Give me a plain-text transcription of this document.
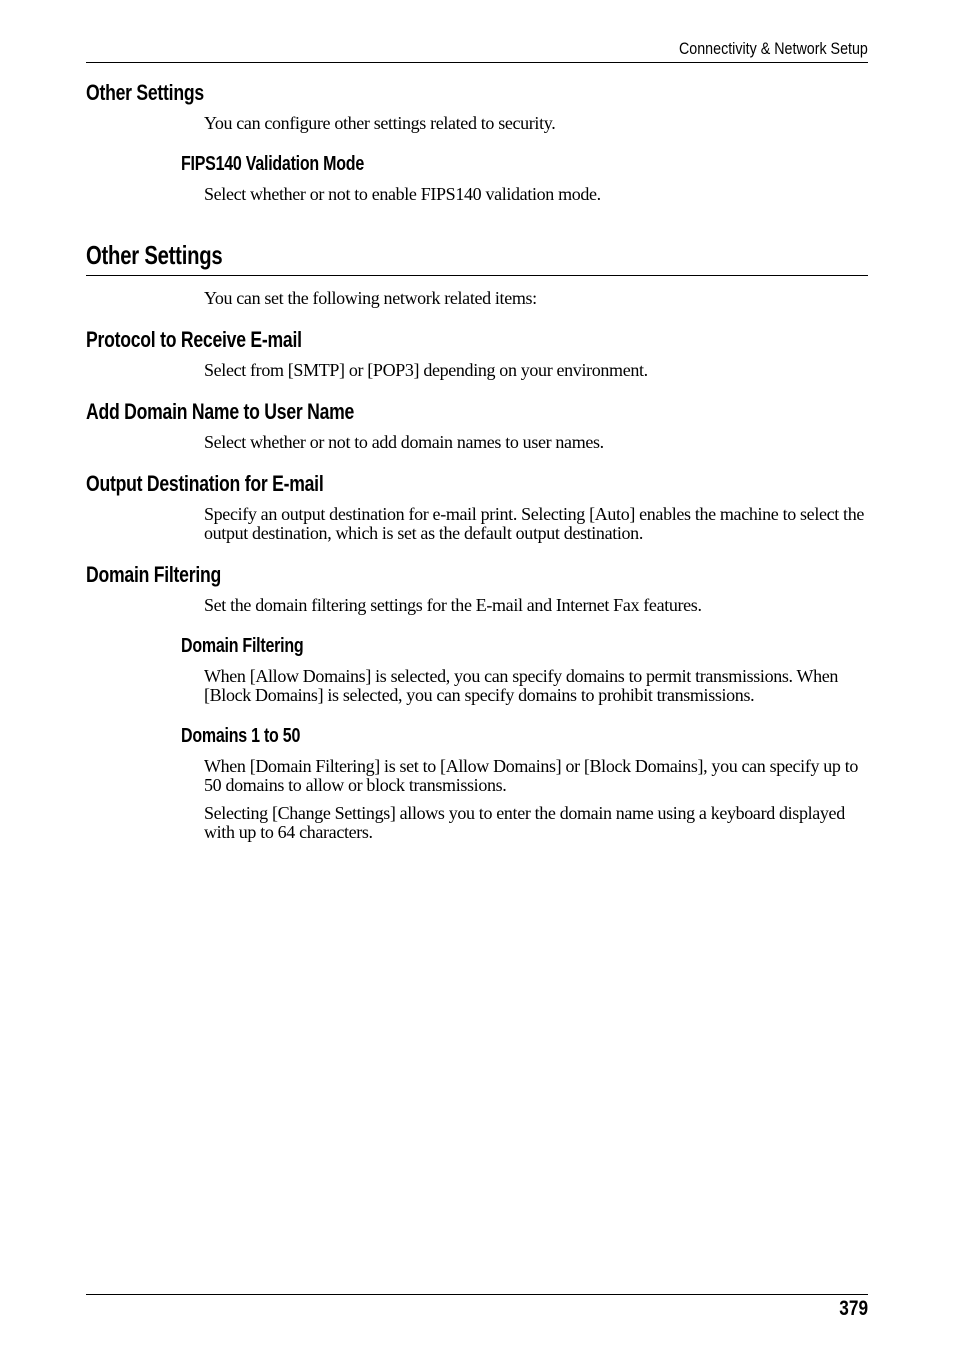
Connectivity & Network Setup
Other Settings

You can configure other settings related to security.

FIPS140 Validation Mode

Select whether or not to enable FIPS140 validation mode.

Other Settings

You can set the following network related items:

Protocol to Receive E-mail

Select from [SMTP] or [POP3] depending on your environment.

Add Domain Name to User Name

Select whether or not to add domain names to user names.

Output Destination for E-mail

Specify an output destination for e-mail print. Selecting [Auto] enables the machine to select the output destination, which is set as the default output destination.

Domain Filtering

Set the domain filtering settings for the E-mail and Internet Fax features.

Domain Filtering

When [Allow Domains] is selected, you can specify domains to permit transmissions. When [Block Domains] is selected, you can specify domains to prohibit transmissions.

Domains 1 to 50

When [Domain Filtering] is set to [Allow Domains] or [Block Domains], you can specify up to 50 domains to allow or block transmissions.

Selecting [Change Settings] allows you to enter the domain name using a keyboard displayed with up to 64 characters.

379
